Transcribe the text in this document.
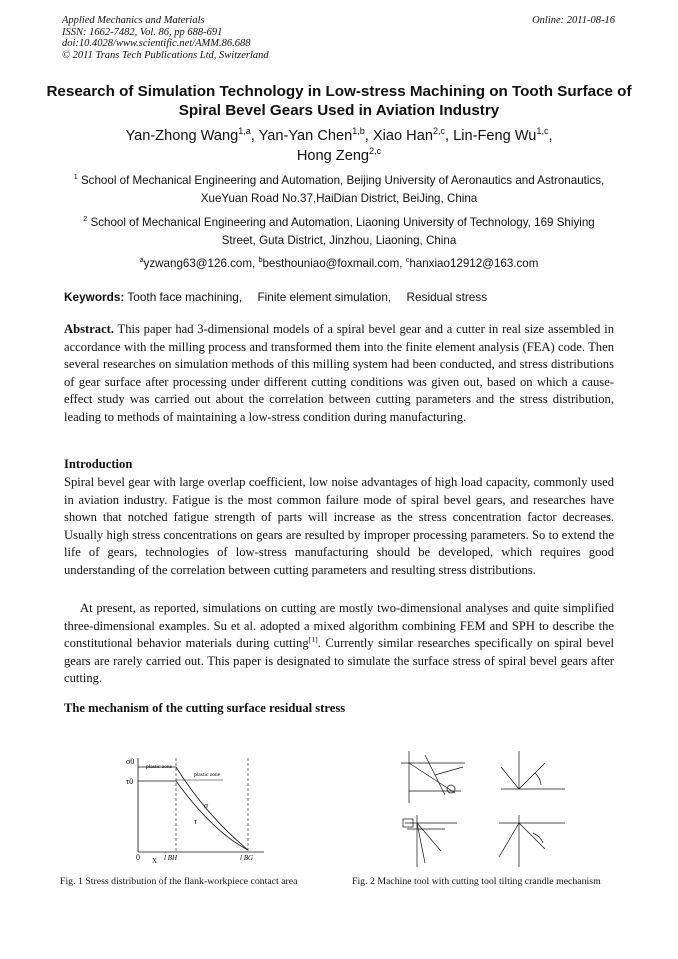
Applied Mechanics and Materials
ISSN: 1662-7482, Vol. 86, pp 688-691
doi:10.4028/www.scientific.net/AMM.86.688
© 2011 Trans Tech Publications Ltd, Switzerland
Online: 2011-08-16
Research of Simulation Technology in Low-stress Machining on Tooth Surface of Spiral Bevel Gears Used in Aviation Industry
Yan-Zhong Wang$^{1,a}$, Yan-Yan Chen$^{1,b}$, Xiao Han$^{2,c}$, Lin-Feng Wu$^{1,c}$,
Hong Zeng$^{2,c}$
$^1$ School of Mechanical Engineering and Automation, Beijing University of Aeronautics and Astronautics, XueYuan Road No.37,HaiDian District, BeiJing, China
$^2$ School of Mechanical Engineering and Automation, Liaoning University of Technology, 169 Shiying Street, Guta District, Jinzhou, Liaoning, China
$^a$yzwang63@126.com, $^b$besthouniao@foxmail.com, $^c$hanxiao12912@163.com
Keywords: Tooth face machining, Finite element simulation, Residual stress
Abstract. This paper had 3-dimensional models of a spiral bevel gear and a cutter in real size assembled in accordance with the milling process and transformed them into the finite element analysis (FEA) code. Then several researches on simulation methods of this milling system had been conducted, and stress distributions of gear surface after processing under different cutting conditions was given out, based on which a cause-effect study was carried out about the correlation between cutting parameters and the stress distribution, leading to methods of maintaining a low-stress condition during manufacturing.
Introduction
Spiral bevel gear with large overlap coefficient, low noise advantages of high load capacity, commonly used in aviation industry. Fatigue is the most common failure mode of spiral bevel gears, and researches have shown that notched fatigue strength of parts will increase as the stress concentration factor decreases. Usually high stress concentrations on gears are resulted by improper processing parameters. So to extend the life of gears, technologies of low-stress manufacturing should be developed, which requires good understanding of the correlation between cutting parameters and resulting stress distributions.
At present, as reported, simulations on cutting are mostly two-dimensional analyses and quite simplified three-dimensional examples. Su et al. adopted a mixed algorithm combining FEM and SPH to describe the constitutional behavior materials during cutting[1]. Currently similar researches specifically on spiral bevel gears are rarely carried out. This paper is designated to simulate the surface stress of spiral bevel gears after cutting.
The mechanism of the cutting surface residual stress
σ0
τ0
plastic zone
plastic zone
σ
τ
0 X l BH	l BG
Fig. 1 Stress distribution of the flank-workpiece contact area	Fig. 2 Machine tool with cutting tool tilting crandle mechanism
